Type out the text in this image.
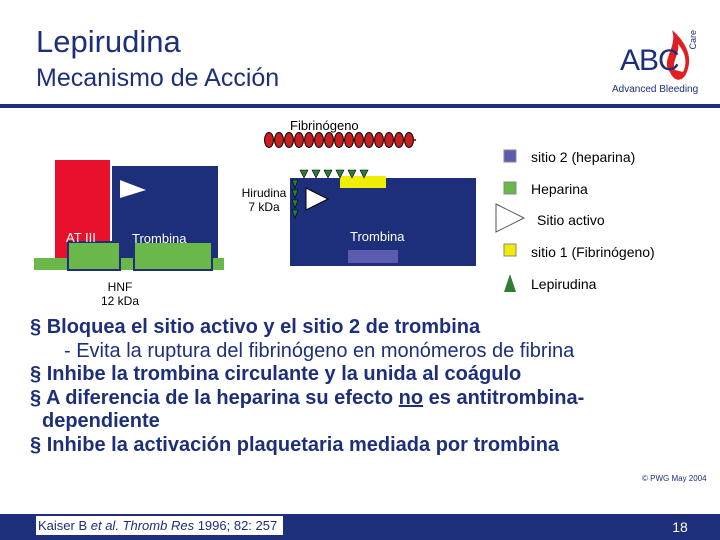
Lepirudina
Mecanismo de Acción
ABC
Care
Advanced Bleeding
Fibrinógeno
Hirudina
7 kDa
AT III	Trombina	Trombina
HNF
12 kDa
sitio 2 (heparina)
Heparina
Sitio activo
sitio 1 (Fibrinógeno)
Lepirudina
§ Bloquea el sitio activo y el sitio 2 de trombina
- Evita la ruptura del fibrinógeno en monómeros de fibrina
§ Inhibe la trombina circulante y la unida al coágulo
§ A diferencia de la heparina su efecto no es antitrombina-
dependiente
§ Inhibe la activación plaquetaria mediada por trombina
© PWG May 2004
Kaiser B et al. Thromb Res 1996; 82: 257	18
